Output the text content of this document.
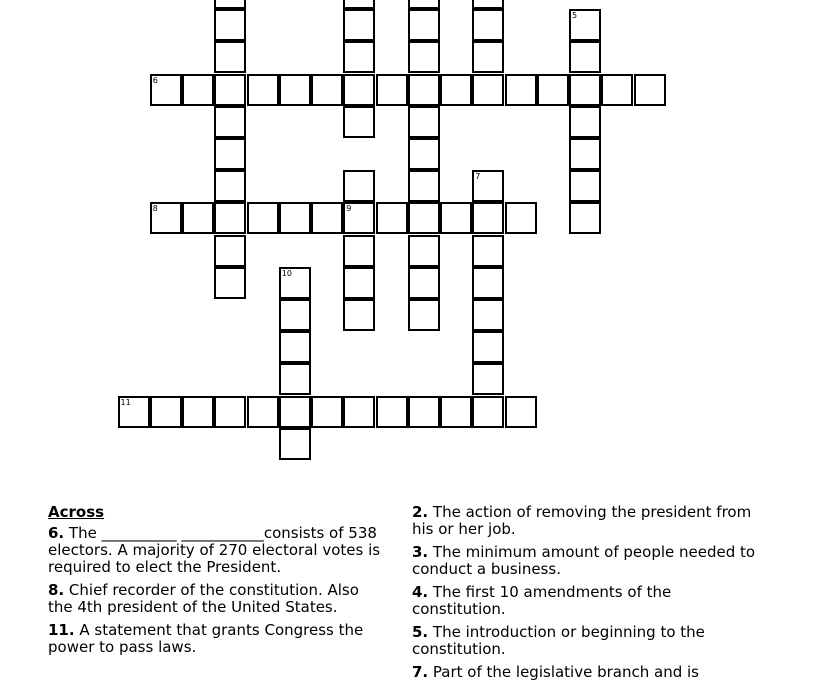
5
6
7
8	9
10
11
Across

6. The __________ ___________consists of 538 electors. A majority of 270 electoral votes is required to elect the President.

8. Chief recorder of the constitution. Also the 4th president of the United States.

11. A statement that grants Congress the power to pass laws.

2. The action of removing the president from his or her job.

3. The minimum amount of people needed to conduct a business.

4. The first 10 amendments of the constitution.

5. The introduction or beginning to the constitution.

7. Part of the legislative branch and is
